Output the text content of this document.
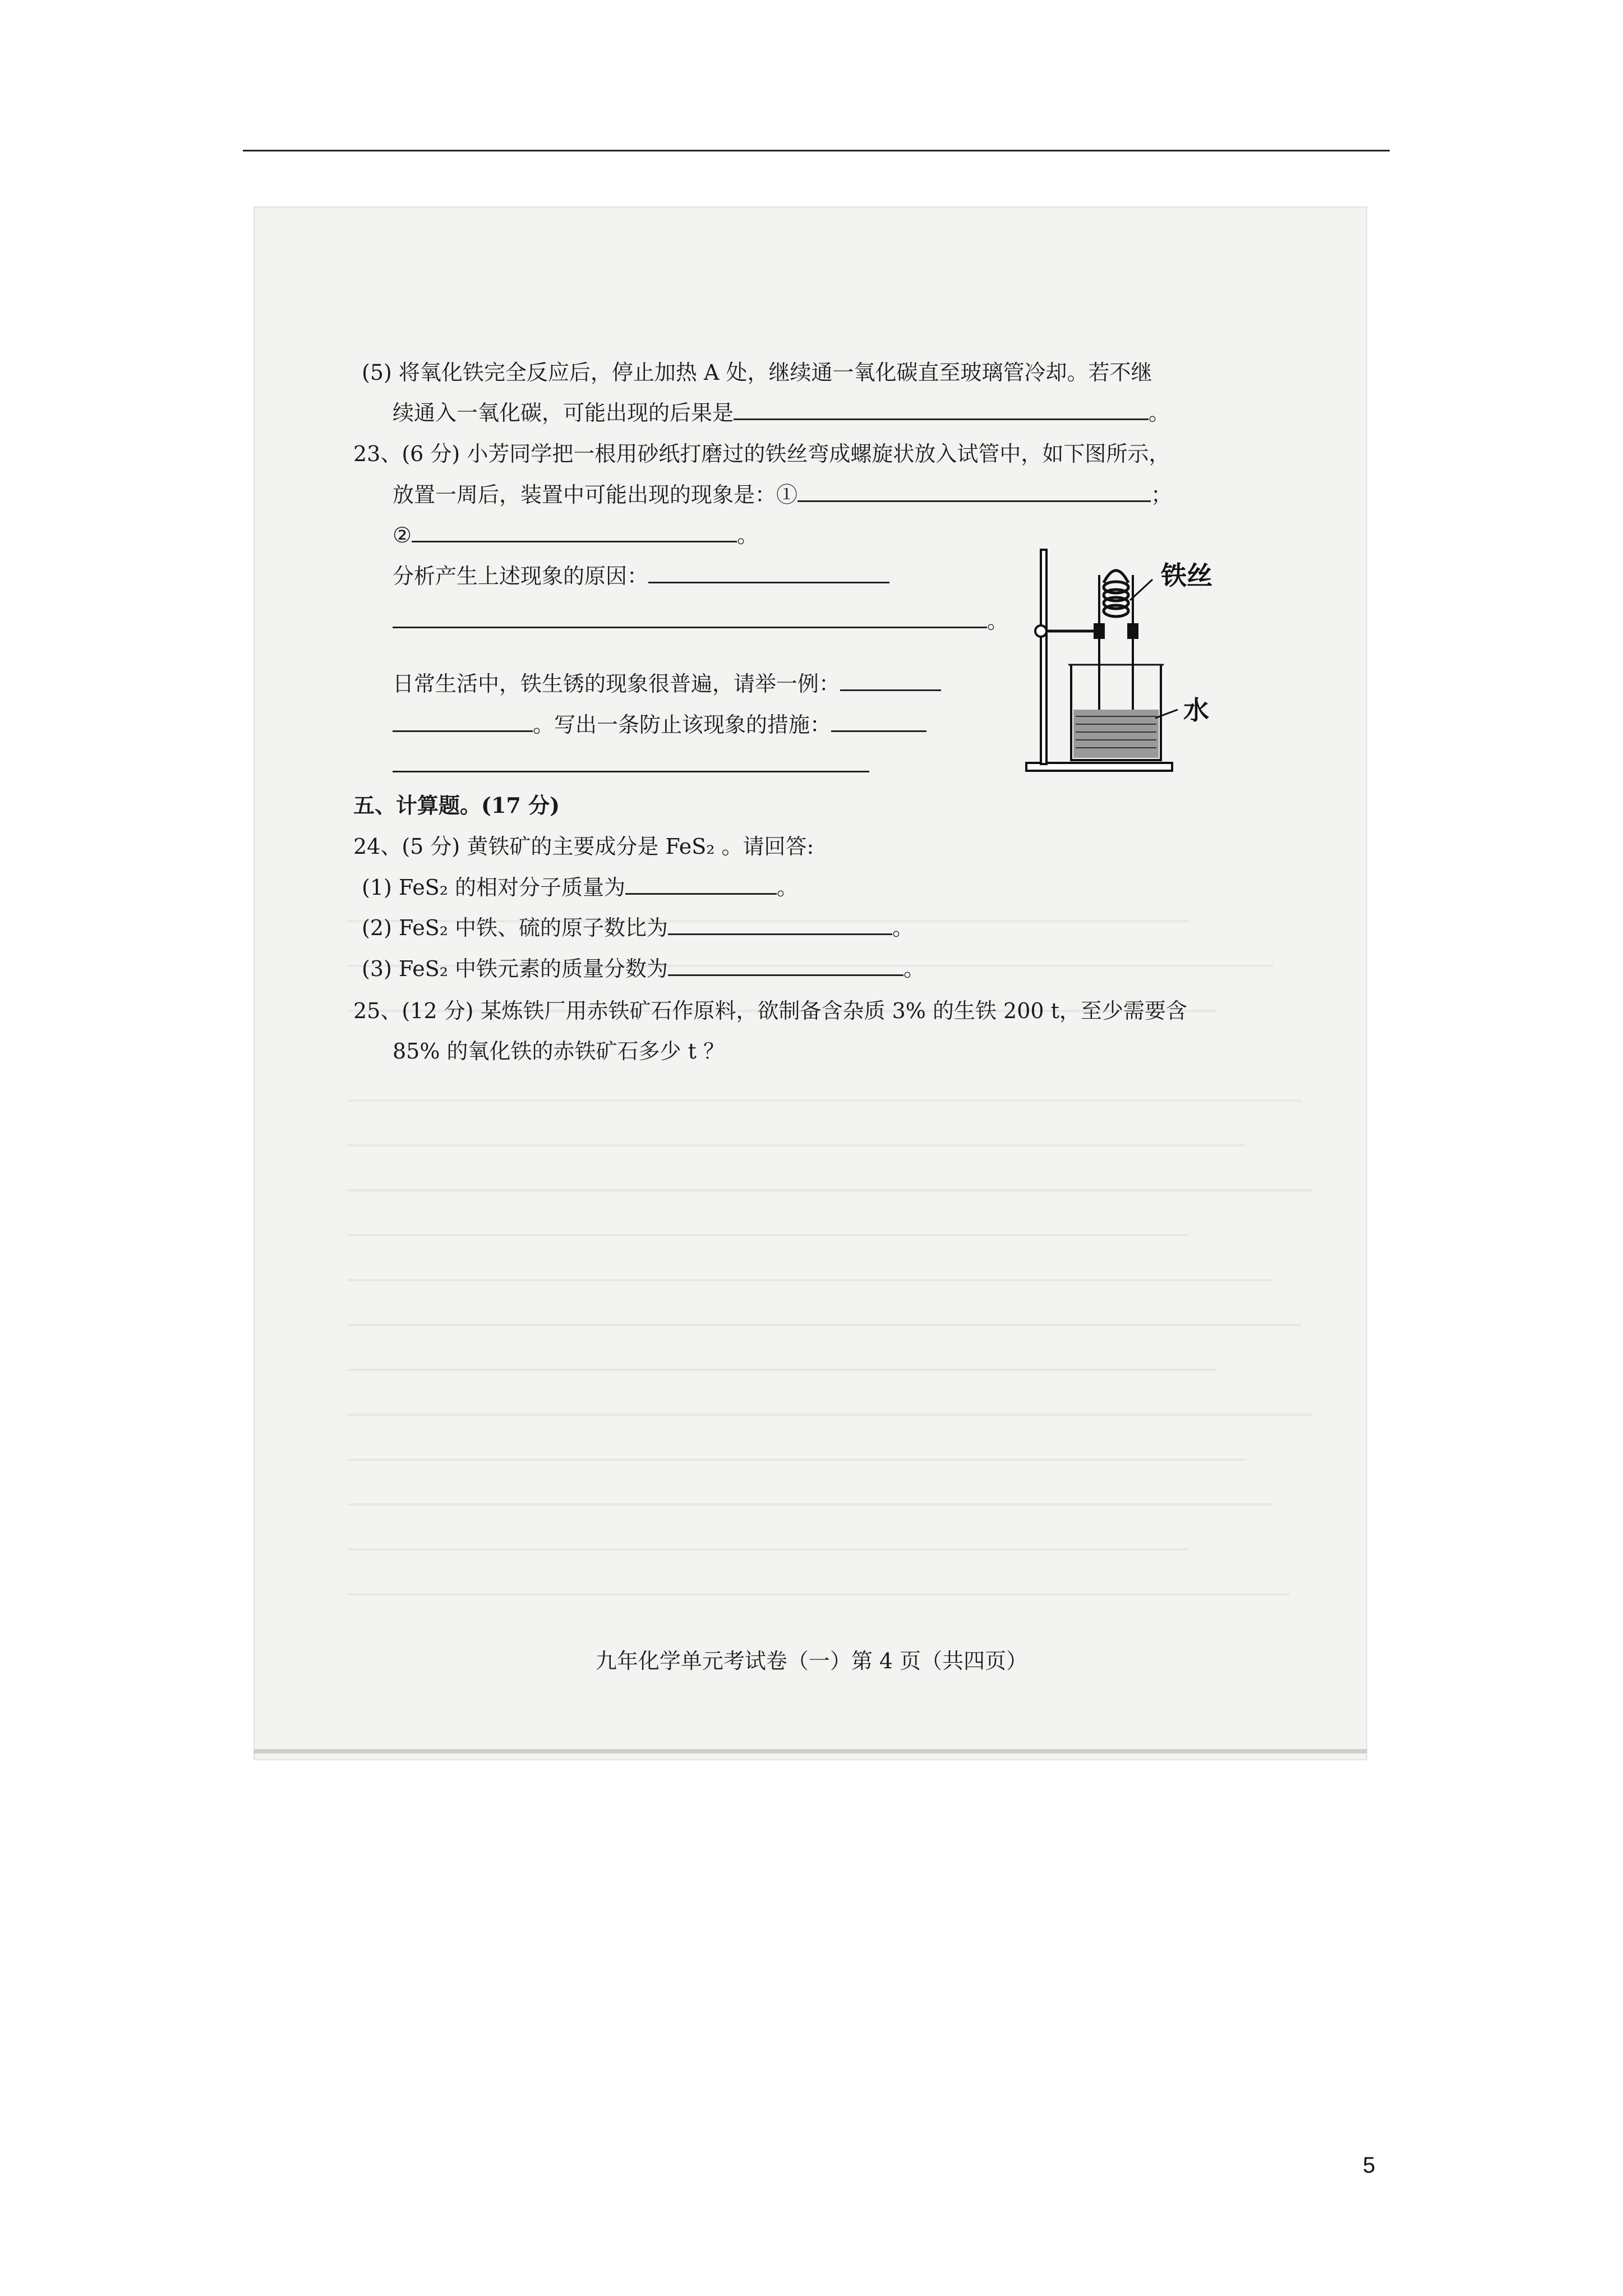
(5) 将氧化铁完全反应后，停止加热 A 处，继续通一氧化碳直至玻璃管冷却。若不继
续通入一氧化碳，可能出现的后果是	。
23、(6 分) 小芳同学把一根用砂纸打磨过的铁丝弯成螺旋状放入试管中，如下图所示，
放置一周后，装置中可能出现的现象是：①	；
②	。
分析产生上述现象的原因：
。
日常生活中，铁生锈的现象很普遍，请举一例：
。写出一条防止该现象的措施：
铁丝
水
五、计算题。(17 分)
24、(5 分) 黄铁矿的主要成分是 FeS₂ 。请回答:
(1) FeS₂ 的相对分子质量为	。
(2) FeS₂ 中铁、硫的原子数比为	。
(3) FeS₂ 中铁元素的质量分数为	。
25、(12 分) 某炼铁厂用赤铁矿石作原料，欲制备含杂质 3% 的生铁 200 t，至少需要含
85% 的氧化铁的赤铁矿石多少 t ？
九年化学单元考试卷（一）第 4 页（共四页）
5
